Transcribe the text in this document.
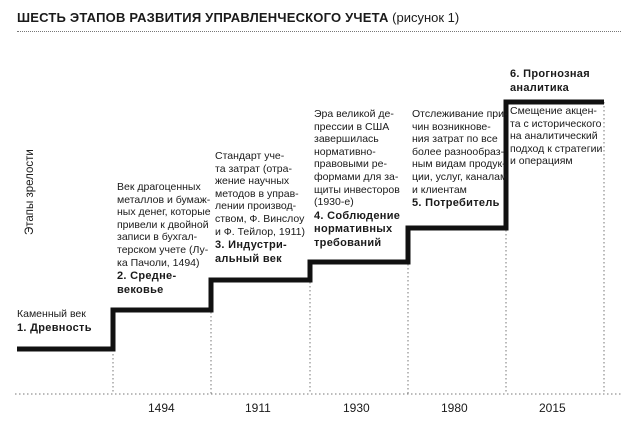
ШЕСТЬ ЭТАПОВ РАЗВИТИЯ УПРАВЛЕНЧЕСКОГО УЧЕТА (рисунок 1)
Этапы зрелости
Каменный век
1. Древность
Век драгоценных
металлов и бумаж-
ных денег, которые
привели к двойной
записи в бухгал-
терском учете (Лу-
ка Пачоли, 1494)
2. Средне-
вековье
Стандарт уче-
та затрат (отра-
жение научных
методов в управ-
лении производ-
ством, Ф. Винслоу
и Ф. Тейлор, 1911)
3. Индустри-
альный век
Эра великой де-
прессии в США
завершилась
нормативно-
правовыми ре-
формами для за-
щиты инвесторов
(1930-е)
4. Соблюдение
нормативных
требований
Отслеживание при-
чин возникнове-
ния затрат по все
более разнообраз-
ным видам продук-
ции, услуг, каналам
и клиентам
5. Потребитель
6. Прогнозная
аналитика
Смещение акцен-
та с исторического
на аналитический
подход к стратегии
и операциям
1494	1911	1930	1980	2015
